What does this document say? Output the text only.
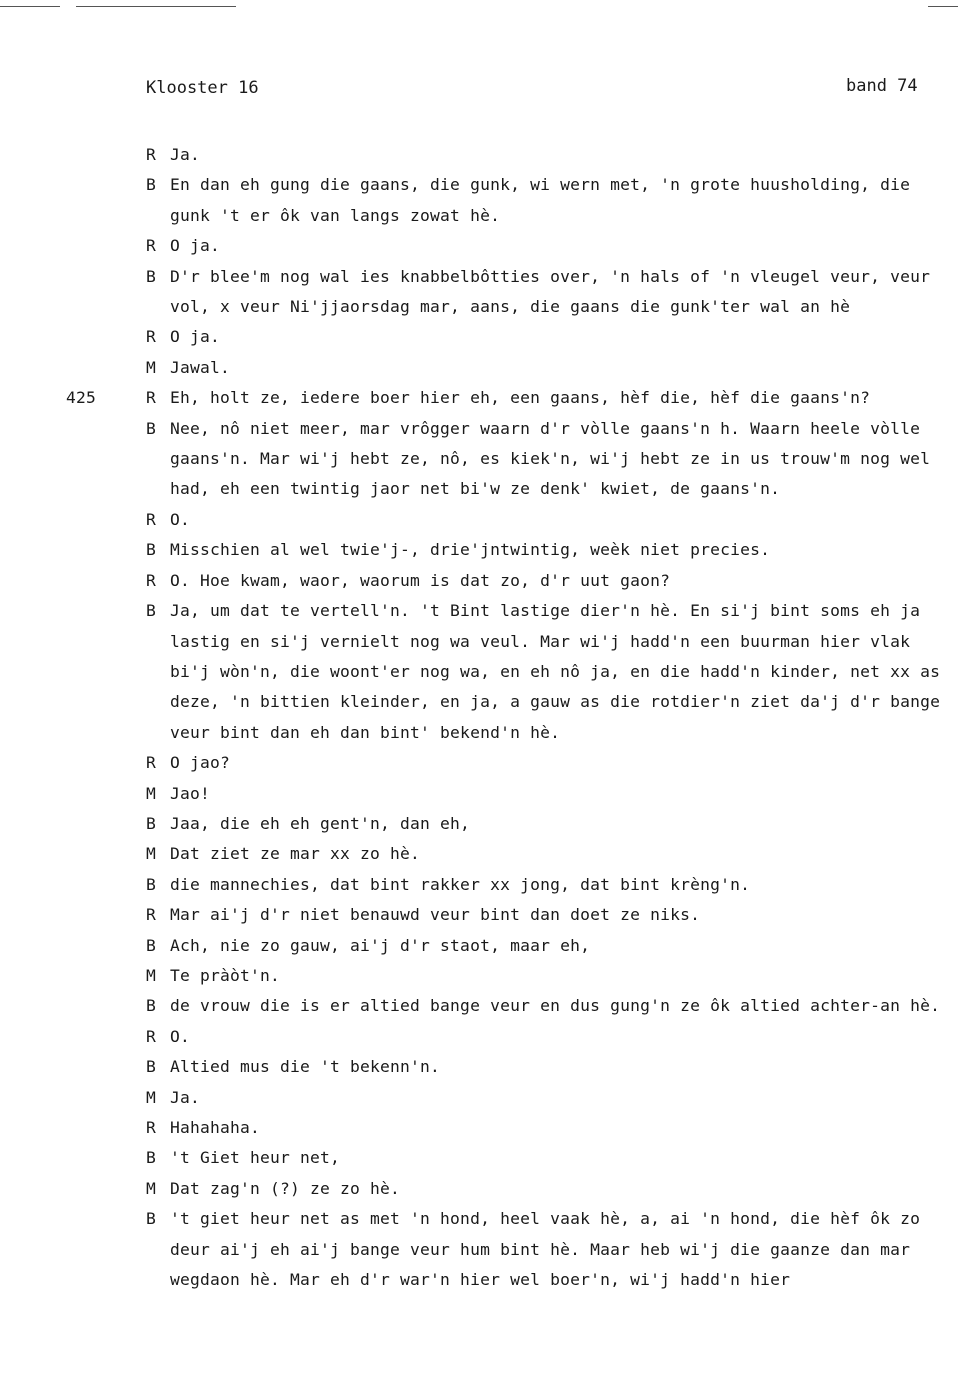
Klooster 16	band 74
R Ja.
B En dan eh gung die gaans, die gunk, wi wern met, 'n grote huusholding, die gunk 't er ôk van langs zowat hè.
R O ja.
B D'r blee'm nog wal ies knabbelbôtties over, 'n hals of 'n vleugel veur, veur vol, x veur Ni'jjaorsdag mar, aans, die gaans die gunk'ter wal an hè
R O ja.
M Jawal.
425	R Eh, holt ze, iedere boer hier eh, een gaans, hèf die, hèf die gaans'n?
B Nee, nô niet meer, mar vrôgger waarn d'r vòlle gaans'n h. Waarn heele vòlle gaans'n. Mar wi'j hebt ze, nô, es kiek'n, wi'j hebt ze in us trouw'm nog wel had, eh een twintig jaor net bi'w ze denk' kwiet, de gaans'n.
R O.
B Misschien al wel twie'j-, drie'jntwintig, weèk niet precies.
R O. Hoe kwam, waor, waorum is dat zo, d'r uut gaon?
B Ja, um dat te vertell'n. 't Bint lastige dier'n hè. En si'j bint soms eh ja lastig en si'j vernielt nog wa veul. Mar wi'j hadd'n een buurman hier vlak bi'j wòn'n, die woont'er nog wa, en eh nô ja, en die hadd'n kinder, net xx as deze, 'n bittien kleinder, en ja, a gauw as die rotdier'n ziet da'j d'r bange veur bint dan eh dan bint' bekend'n hè.
R O jao?
M Jao!
B Jaa, die eh eh gent'n, dan eh,
M Dat ziet ze mar xx zo hè.
B die mannechies, dat bint rakker xx jong, dat bint krèng'n.
R Mar ai'j d'r niet benauwd veur bint dan doet ze niks.
B Ach, nie zo gauw, ai'j d'r staot, maar eh,
M Te pràòt'n.
B de vrouw die is er altied bange veur en dus gung'n ze ôk altied achter-an hè.
R O.
B Altied mus die 't bekenn'n.
M Ja.
R Hahahaha.
B 't Giet heur net,
M Dat zag'n (?) ze zo hè.
B 't giet heur net as met 'n hond, heel vaak hè, a, ai 'n hond, die hèf ôk zo deur ai'j eh ai'j bange veur hum bint hè. Maar heb wi'j die gaanze dan mar wegdaon hè. Mar eh d'r war'n hier wel boer'n, wi'j hadd'n hier
